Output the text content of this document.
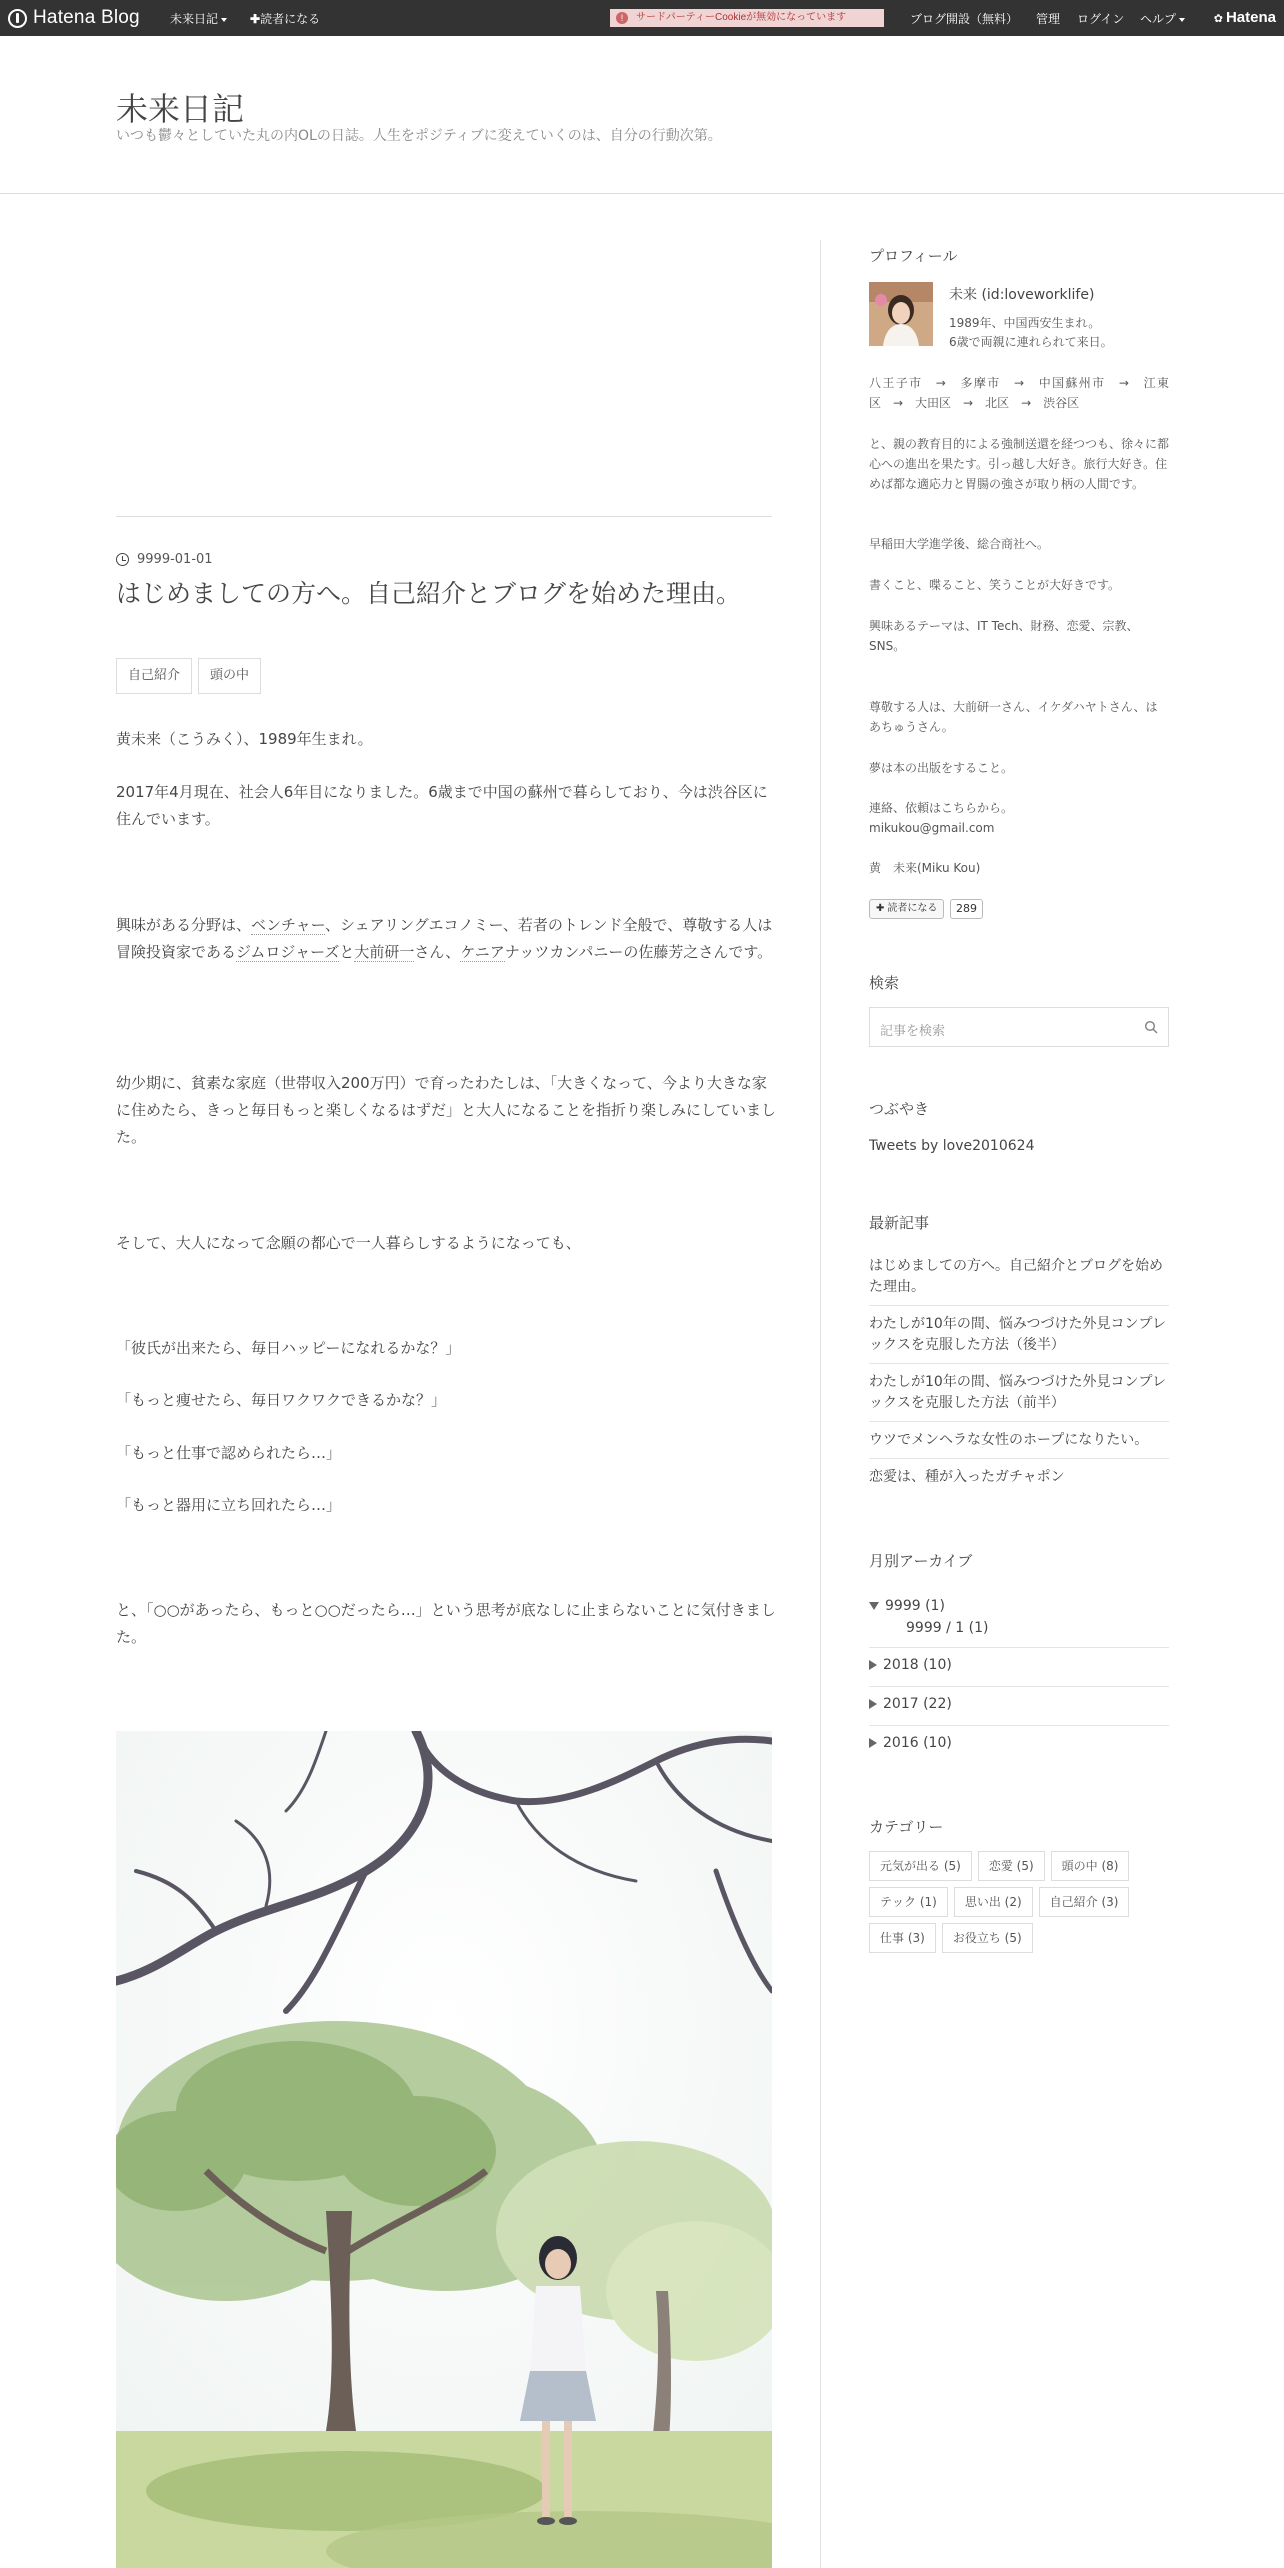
Hatena Blog	未来日記	✚読者になる	!	サードパーティーCookieが無効になっています	ブログ開設（無料） 管理 ログイン ヘルプ	✿ Hatena
未来日記
いつも鬱々としていた丸の内OLの日誌。人生をポジティブに変えていくのは、自分の行動次第。
9999-01-01
はじめましての方へ。自己紹介とブログを始めた理由。
自己紹介	頭の中
黄未来（こうみく）、1989年生まれ。
2017年4月現在、社会人6年目になりました。6歳まで中国の蘇州で暮らしており、今は渋谷区に住んでいます。
興味がある分野は、ベンチャー、シェアリングエコノミー、若者のトレンド全般で、尊敬する人は冒険投資家であるジムロジャーズと大前研一さん、ケニアナッツカンパニーの佐藤芳之さんです。
幼少期に、貧素な家庭（世帯収入200万円）で育ったわたしは、「大きくなって、今より大きな家に住めたら、きっと毎日もっと楽しくなるはずだ」と大人になることを指折り楽しみにしていました。
そして、大人になって念願の都心で一人暮らしするようになっても、
「彼氏が出来たら、毎日ハッピーになれるかな？」
「もっと痩せたら、毎日ワクワクできるかな？」
「もっと仕事で認められたら…」
「もっと器用に立ち回れたら…」
と、「○○があったら、もっと○○だったら…」という思考が底なしに止まらないことに気付きました。
プロフィール
未来 (id:loveworklife)
1989年、中国西安生まれ。
6歳で両親に連れられて来日。
八王子市　→　多摩市　→　中国蘇州市　→　江東
区　→　大田区　→　北区　→　渋谷区
と、親の教育目的による強制送還を経つつも、徐々に都心への進出を果たす。引っ越し大好き。旅行大好き。住めば都な適応力と胃腸の強さが取り柄の人間です。
早稲田大学進学後、総合商社へ。
書くこと、喋ること、笑うことが大好きです。
興味あるテーマは、IT Tech、財務、恋愛、宗教、SNS。
尊敬する人は、大前研一さん、イケダハヤトさん、はあちゅうさん。
夢は本の出版をすること。
連絡、依頼はこちらから。
mikukou@gmail.com
黄　未来(Miku Kou)
✚ 読者になる	289
検索
記事を検索
つぶやき
Tweets by love2010624
最新記事
はじめましての方へ。自己紹介とブログを始めた理由。
わたしが10年の間、悩みつづけた外見コンプレックスを克服した方法（後半）
わたしが10年の間、悩みつづけた外見コンプレックスを克服した方法（前半）
ウツでメンヘラな女性のホープになりたい。
恋愛は、種が入ったガチャポン
月別アーカイブ
9999 (1)
9999 / 1 (1)
2018 (10)
2017 (22)
2016 (10)
カテゴリー
元気が出る (5)	恋愛 (5)	頭の中 (8)
テック (1)	思い出 (2)	自己紹介 (3)
仕事 (3)	お役立ち (5)
